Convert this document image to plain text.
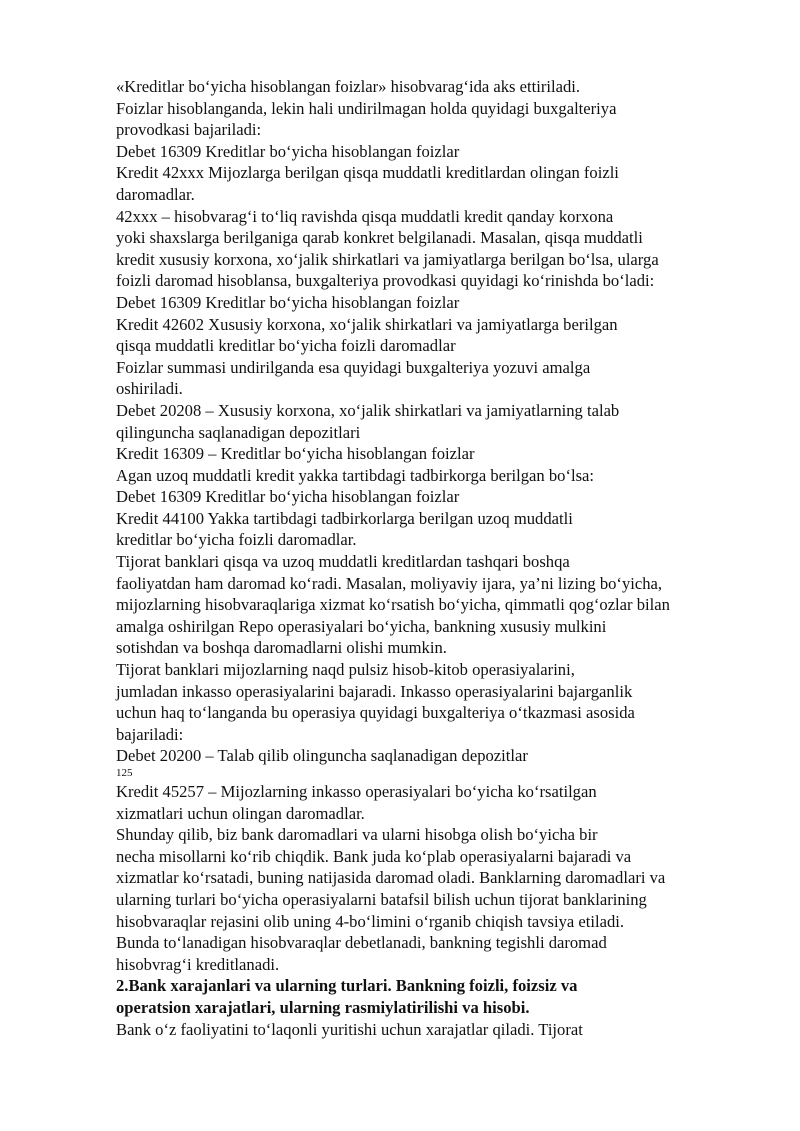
«Kreditlar boʻyicha hisoblangan foizlar» hisobvaragʻida aks ettiriladi.
Foizlar hisoblanganda, lekin hali undirilmagan holda quyidagi buxgalteriya
provodkasi bajariladi:
Debet 16309 Kreditlar boʻyicha hisoblangan foizlar
Kredit 42xxx Mijozlarga berilgan qisqa muddatli kreditlardan olingan foizli
daromadlar.
42xxx – hisobvaragʻi toʻliq ravishda qisqa muddatli kredit qanday korxona
yoki shaxslarga berilganiga qarab konkret belgilanadi. Masalan, qisqa muddatli
kredit xususiy korxona, xoʻjalik shirkatlari va jamiyatlarga berilgan boʻlsa, ularga
foizli daromad hisoblansa, buxgalteriya provodkasi quyidagi koʻrinishda boʻladi:
Debet 16309 Kreditlar boʻyicha hisoblangan foizlar
Kredit 42602 Xususiy korxona, xoʻjalik shirkatlari va jamiyatlarga berilgan
qisqa muddatli kreditlar boʻyicha foizli daromadlar
Foizlar summasi undirilganda esa quyidagi buxgalteriya yozuvi amalga
oshiriladi.
Debet 20208 – Xususiy korxona, xoʻjalik shirkatlari va jamiyatlarning talab
qilinguncha saqlanadigan depozitlari
Kredit 16309 – Kreditlar boʻyicha hisoblangan foizlar
Agan uzoq muddatli kredit yakka tartibdagi tadbirkorga berilgan boʻlsa:
Debet 16309 Kreditlar boʻyicha hisoblangan foizlar
Kredit 44100 Yakka tartibdagi tadbirkorlarga berilgan uzoq muddatli
kreditlar boʻyicha foizli daromadlar.
Tijorat banklari qisqa va uzoq muddatli kreditlardan tashqari boshqa
faoliyatdan ham daromad koʻradi. Masalan, moliyaviy ijara, ya’ni lizing boʻyicha,
mijozlarning hisobvaraqlariga xizmat koʻrsatish boʻyicha, qimmatli qogʻozlar bilan
amalga oshirilgan Repo operasiyalari boʻyicha, bankning xususiy mulkini
sotishdan va boshqa daromadlarni olishi mumkin.
Tijorat banklari mijozlarning naqd pulsiz hisob-kitob operasiyalarini,
jumladan inkasso operasiyalarini bajaradi. Inkasso operasiyalarini bajarganlik
uchun haq toʻlanganda bu operasiya quyidagi buxgalteriya oʻtkazmasi asosida
bajariladi:
Debet 20200 – Talab qilib olinguncha saqlanadigan depozitlar
125
Kredit 45257 – Mijozlarning inkasso operasiyalari boʻyicha koʻrsatilgan
xizmatlari uchun olingan daromadlar.
Shunday qilib, biz bank daromadlari va ularni hisobga olish boʻyicha bir
necha misollarni koʻrib chiqdik. Bank juda koʻplab operasiyalarni bajaradi va
xizmatlar koʻrsatadi, buning natijasida daromad oladi. Banklarning daromadlari va
ularning turlari boʻyicha operasiyalarni batafsil bilish uchun tijorat banklarining
hisobvaraqlar rejasini olib uning 4-boʻlimini oʻrganib chiqish tavsiya etiladi.
Bunda toʻlanadigan hisobvaraqlar debetlanadi, bankning tegishli daromad
hisobvragʻi kreditlanadi.
2.Bank xarajanlari va ularning turlari. Bankning foizli, foizsiz va
operatsion xarajatlari, ularning rasmiylatirilishi va hisobi.
Bank oʻz faoliyatini toʻlaqonli yuritishi uchun xarajatlar qiladi. Tijorat
